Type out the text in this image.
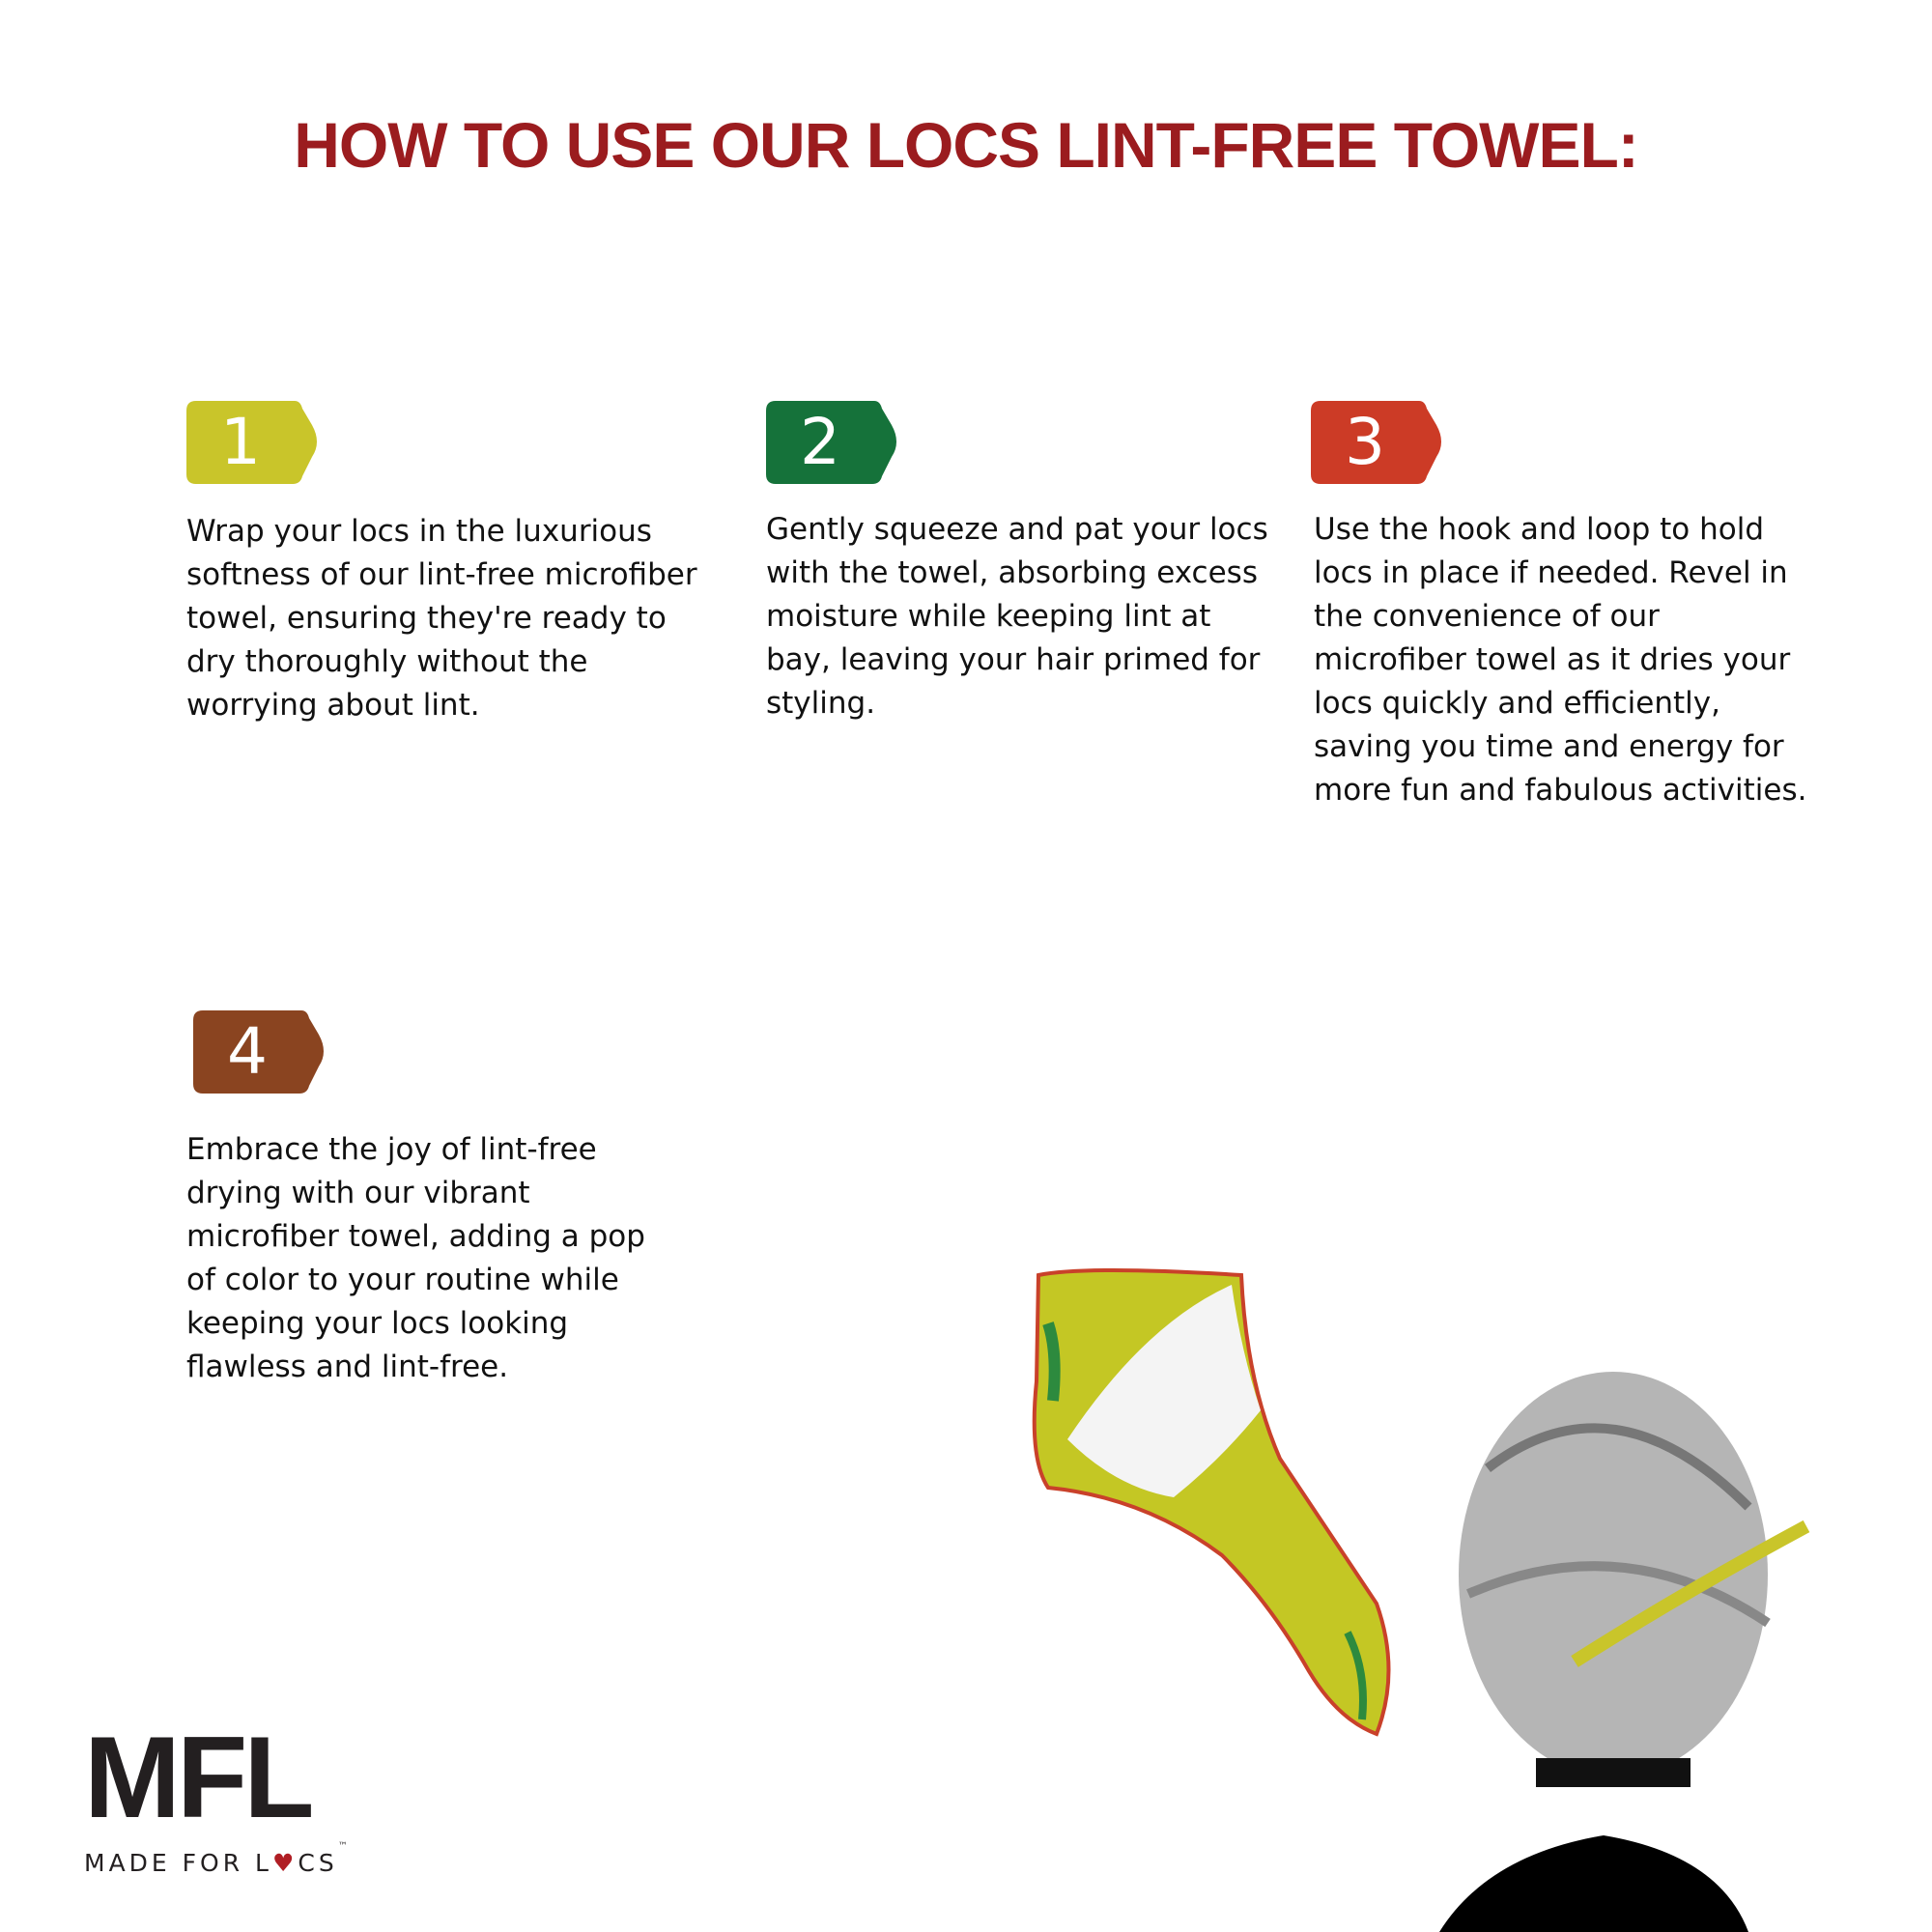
HOW TO USE OUR LOCS LINT-FREE TOWEL:
1
Wrap your locs in the luxurious softness of our lint-free microfiber towel, ensuring they're ready to dry thoroughly without the worrying about lint.
2
Gently squeeze and pat your locs with the towel, absorbing excess moisture while keeping lint at bay, leaving your hair primed for styling.
3
Use the hook and loop to hold locs in place if needed. Revel in the convenience of our microfiber towel as it dries your locs quickly and efficiently, saving you time and energy for more fun and fabulous activities.
4
Embrace the joy of lint-free drying with our vibrant microfiber towel, adding a pop of color to your routine while keeping your locs looking flawless and lint-free.
MFL
MADE FOR L♥CS™
